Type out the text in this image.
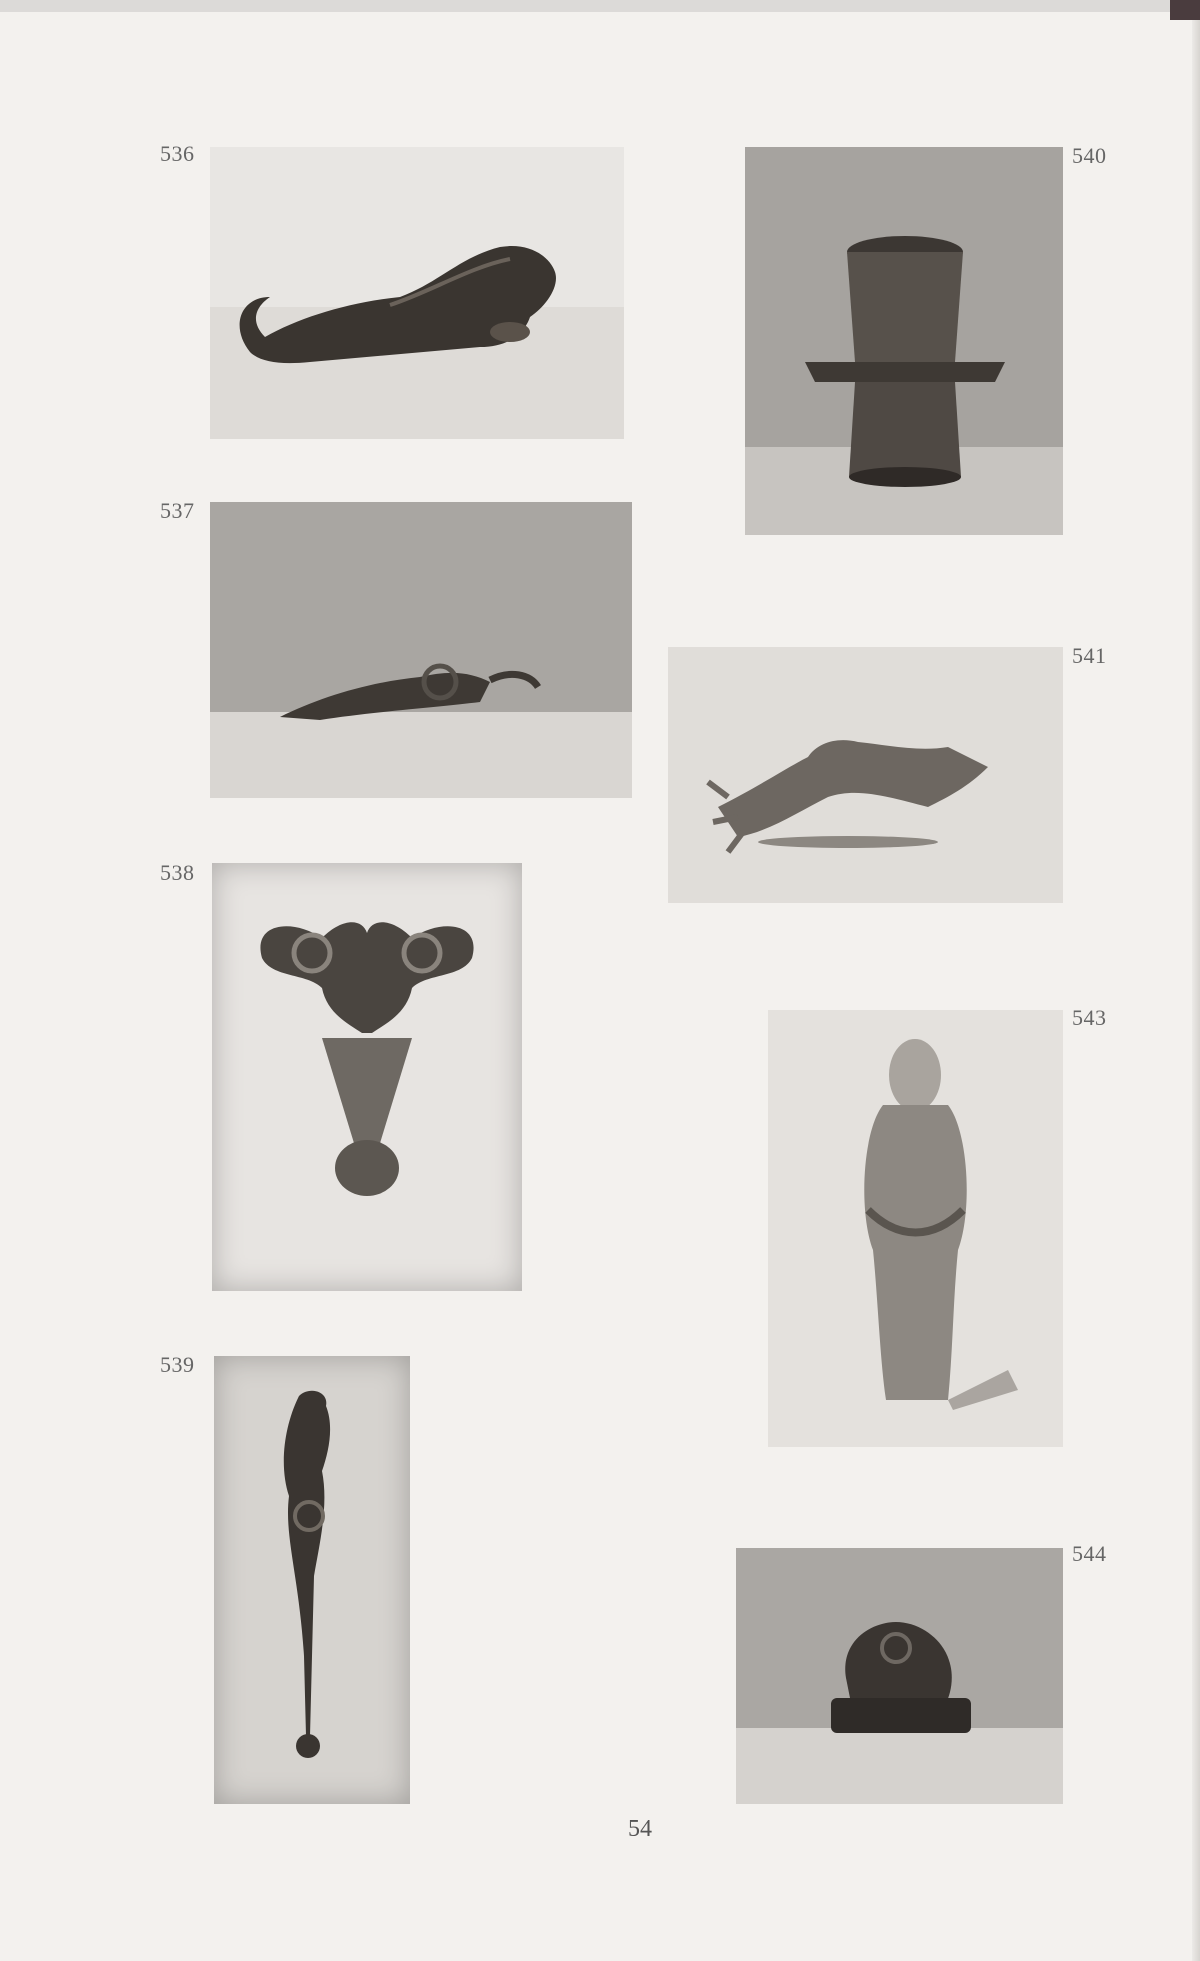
536
537
538
539
540
541
543
544
54
